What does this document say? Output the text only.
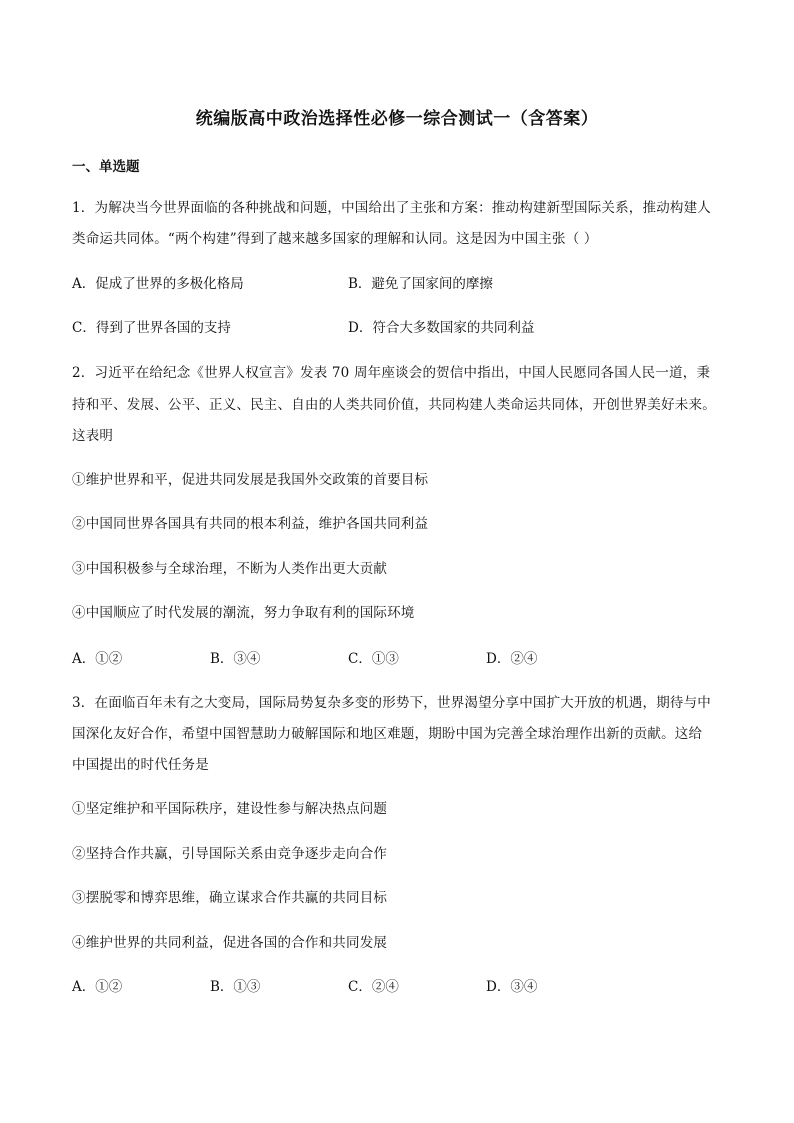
统编版高中政治选择性必修一综合测试一（含答案）
一、单选题
1．为解决当今世界面临的各种挑战和问题，中国给出了主张和方案：推动构建新型国际关系，推动构建人
类命运共同体。“两个构建”得到了越来越多国家的理解和认同。这是因为中国主张（ ）
A．促成了世界的多极化格局	B．避免了国家间的摩擦
C．得到了世界各国的支持	D．符合大多数国家的共同利益
2．习近平在给纪念《世界人权宣言》发表 70 周年座谈会的贺信中指出，中国人民愿同各国人民一道，秉
持和平、发展、公平、正义、民主、自由的人类共同价值，共同构建人类命运共同体，开创世界美好未来。
这表明
①维护世界和平，促进共同发展是我国外交政策的首要目标
②中国同世界各国具有共同的根本利益，维护各国共同利益
③中国积极参与全球治理，不断为人类作出更大贡献
④中国顺应了时代发展的潮流，努力争取有利的国际环境
A．①②	B．③④	C．①③	D．②④
3．在面临百年未有之大变局，国际局势复杂多变的形势下，世界渴望分享中国扩大开放的机遇，期待与中
国深化友好合作，希望中国智慧助力破解国际和地区难题，期盼中国为完善全球治理作出新的贡献。这给
中国提出的时代任务是
①坚定维护和平国际秩序，建设性参与解决热点问题
②坚持合作共赢，引导国际关系由竞争逐步走向合作
③摆脱零和博弈思维，确立谋求合作共赢的共同目标
④维护世界的共同利益，促进各国的合作和共同发展
A．①②	B．①③	C．②④	D．③④
